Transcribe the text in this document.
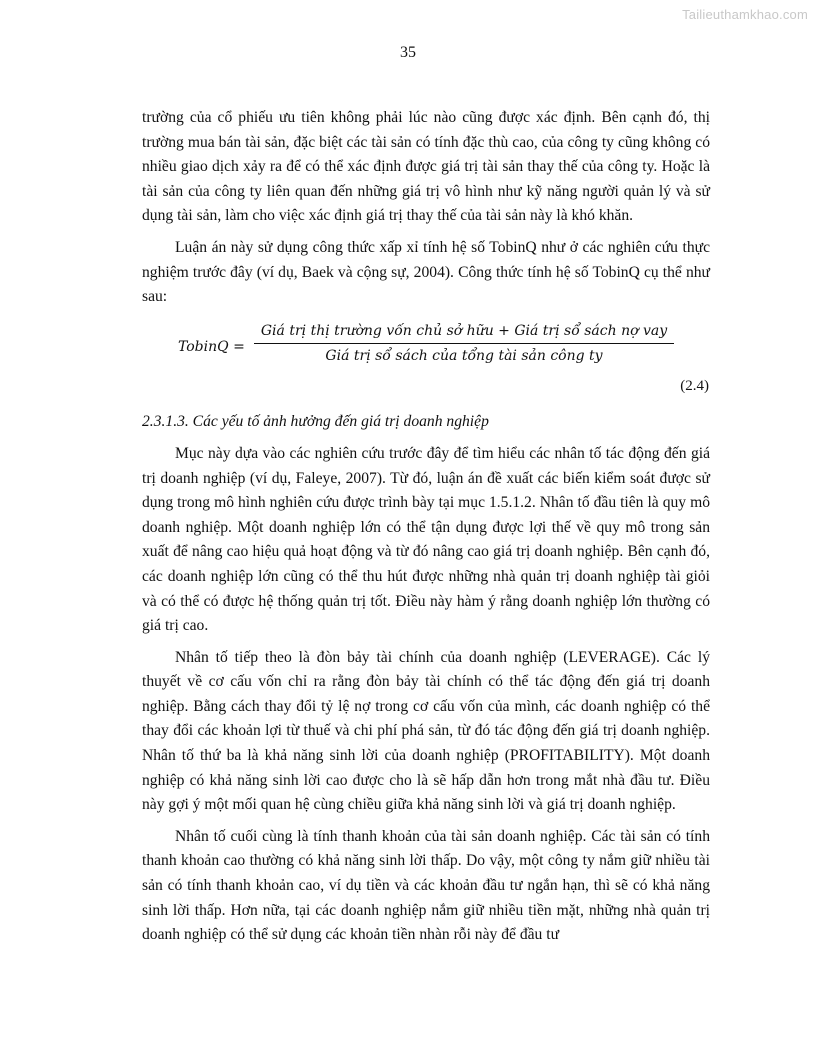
Tailieuthamkhao.com
35

trường của cổ phiếu ưu tiên không phải lúc nào cũng được xác định. Bên cạnh đó, thị trường mua bán tài sản, đặc biệt các tài sản có tính đặc thù cao, của công ty cũng không có nhiều giao dịch xảy ra để có thể xác định được giá trị tài sản thay thế của công ty. Hoặc là tài sản của công ty liên quan đến những giá trị vô hình như kỹ năng người quản lý và sử dụng tài sản, làm cho việc xác định giá trị thay thế của tài sản này là khó khăn.

Luận án này sử dụng công thức xấp xỉ tính hệ số TobinQ như ở các nghiên cứu thực nghiệm trước đây (ví dụ, Baek và cộng sự, 2004). Công thức tính hệ số TobinQ cụ thể như sau:

TobinQ =
Giá trị thị trường vốn chủ sở hữu + Giá trị sổ sách nợ vay
Giá trị sổ sách của tổng tài sản công ty
(2.4)
2.3.1.3. Các yếu tố ảnh hưởng đến giá trị doanh nghiệp

Mục này dựa vào các nghiên cứu trước đây để tìm hiểu các nhân tố tác động đến giá trị doanh nghiệp (ví dụ, Faleye, 2007). Từ đó, luận án đề xuất các biến kiểm soát được sử dụng trong mô hình nghiên cứu được trình bày tại mục 1.5.1.2. Nhân tố đầu tiên là quy mô doanh nghiệp. Một doanh nghiệp lớn có thể tận dụng được lợi thế về quy mô trong sản xuất để nâng cao hiệu quả hoạt động và từ đó nâng cao giá trị doanh nghiệp. Bên cạnh đó, các doanh nghiệp lớn cũng có thể thu hút được những nhà quản trị doanh nghiệp tài giỏi và có thể có được hệ thống quản trị tốt. Điều này hàm ý rằng doanh nghiệp lớn thường có giá trị cao.

Nhân tố tiếp theo là đòn bảy tài chính của doanh nghiệp (LEVERAGE). Các lý thuyết về cơ cấu vốn chỉ ra rằng đòn bảy tài chính có thể tác động đến giá trị doanh nghiệp. Bằng cách thay đổi tỷ lệ nợ trong cơ cấu vốn của mình, các doanh nghiệp có thể thay đổi các khoản lợi từ thuế và chi phí phá sản, từ đó tác động đến giá trị doanh nghiệp. Nhân tố thứ ba là khả năng sinh lời của doanh nghiệp (PROFITABILITY). Một doanh nghiệp có khả năng sinh lời cao được cho là sẽ hấp dẫn hơn trong mắt nhà đầu tư. Điều này gợi ý một mối quan hệ cùng chiều giữa khả năng sinh lời và giá trị doanh nghiệp.

Nhân tố cuối cùng là tính thanh khoản của tài sản doanh nghiệp. Các tài sản có tính thanh khoản cao thường có khả năng sinh lời thấp. Do vậy, một công ty nắm giữ nhiều tài sản có tính thanh khoản cao, ví dụ tiền và các khoản đầu tư ngắn hạn, thì sẽ có khả năng sinh lời thấp. Hơn nữa, tại các doanh nghiệp nắm giữ nhiều tiền mặt, những nhà quản trị doanh nghiệp có thể sử dụng các khoản tiền nhàn rỗi này để đầu tư
